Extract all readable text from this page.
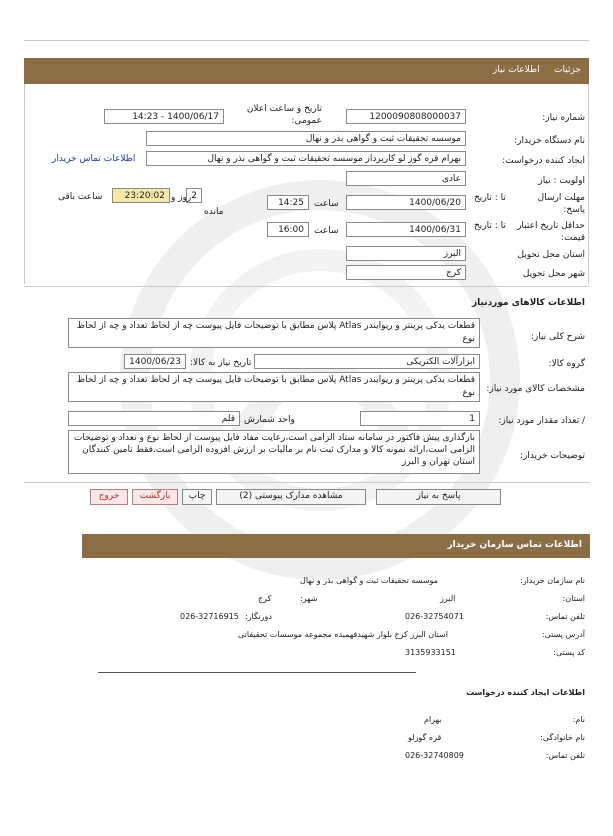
جزئیات     اطلاعات نیاز
شماره نیاز:
1200090808000037
تاریخ و ساعت اعلان عمومی:
1400/06/17 - 14:23
نام دستگاه خریدار:
موسسه تحقیقات ثبت و گواهی بذر و نهال
ایجاد کننده درخواست:
بهرام قره گوز لو کارپرداز موسسه تحقیقات ثبت و گواهی بذر و نهال
اطلاعات تماس خریدار
اولویت : نیاز
عادی
مهلت ارسال پاسخ:
تا : تاریخ
1400/06/20
ساعت
14:25
2
روز و
مانده
23:20:02
ساعت باقی
حداقل تاریخ اعتبار قیمت:
تا : تاریخ
1400/06/31
ساعت
16:00
استان محل تحویل
البرز
شهر محل تحویل
کرج
اطلاعات کالاهای موردنیاز
شرح کلی نیاز:
قطعات یدکی پرینتر و ریوایندر Atlas پلاس مطابق با توضیحات فایل پیوست چه از لحاظ تعداد و چه از لحاظ نوع
گروه کالا:
ابزارآلات الکتریکی
تاریخ نیاز به کالا:
1400/06/23
مشخصات کالای مورد نیاز:
قطعات یدکی پرینتر و ریوایندر Atlas پلاس مطابق با توضیحات فایل پیوست چه از لحاظ تعداد و چه از لحاظ نوع
/ تعداد مقدار مورد نیاز:
1
واحد شمارش
قلم
توضیحات خریدار:
بارگذاری پیش فاکتور در سامانه ستاد الزامی است،رعایت مفاد فایل پیوست از لحاظ نوع و تعداد و توضیحات الزامی است،ارائه نمونه کالا و مدارک ثبت نام بر مالیات بر ارزش افزوده الزامی است.فقط تامین کنندگان استان تهران و البرز
پاسخ به نیاز
مشاهده مدارک پیوستی (2)
چاپ
بازگشت
خروج
اطلاعات تماس سازمان خریدار
نام سازمان خریدار:
موسسه تحقیقات ثبت و گواهی بذر و نهال
استان:
البرز
شهر:
کرج
تلفن تماس:
026-32754071
دورنگار:
026-32716915
آدرس پستی:
استان البرز کرج بلوار شهیدفهمیده مجموعه موسسات تحقیقاتی
کد پستی:
3135933151
اطلاعات ایجاد کننده درخواست
نام:
بهرام
نام خانوادگی:
قره گوزلو
تلفن تماس:
026-32740809
